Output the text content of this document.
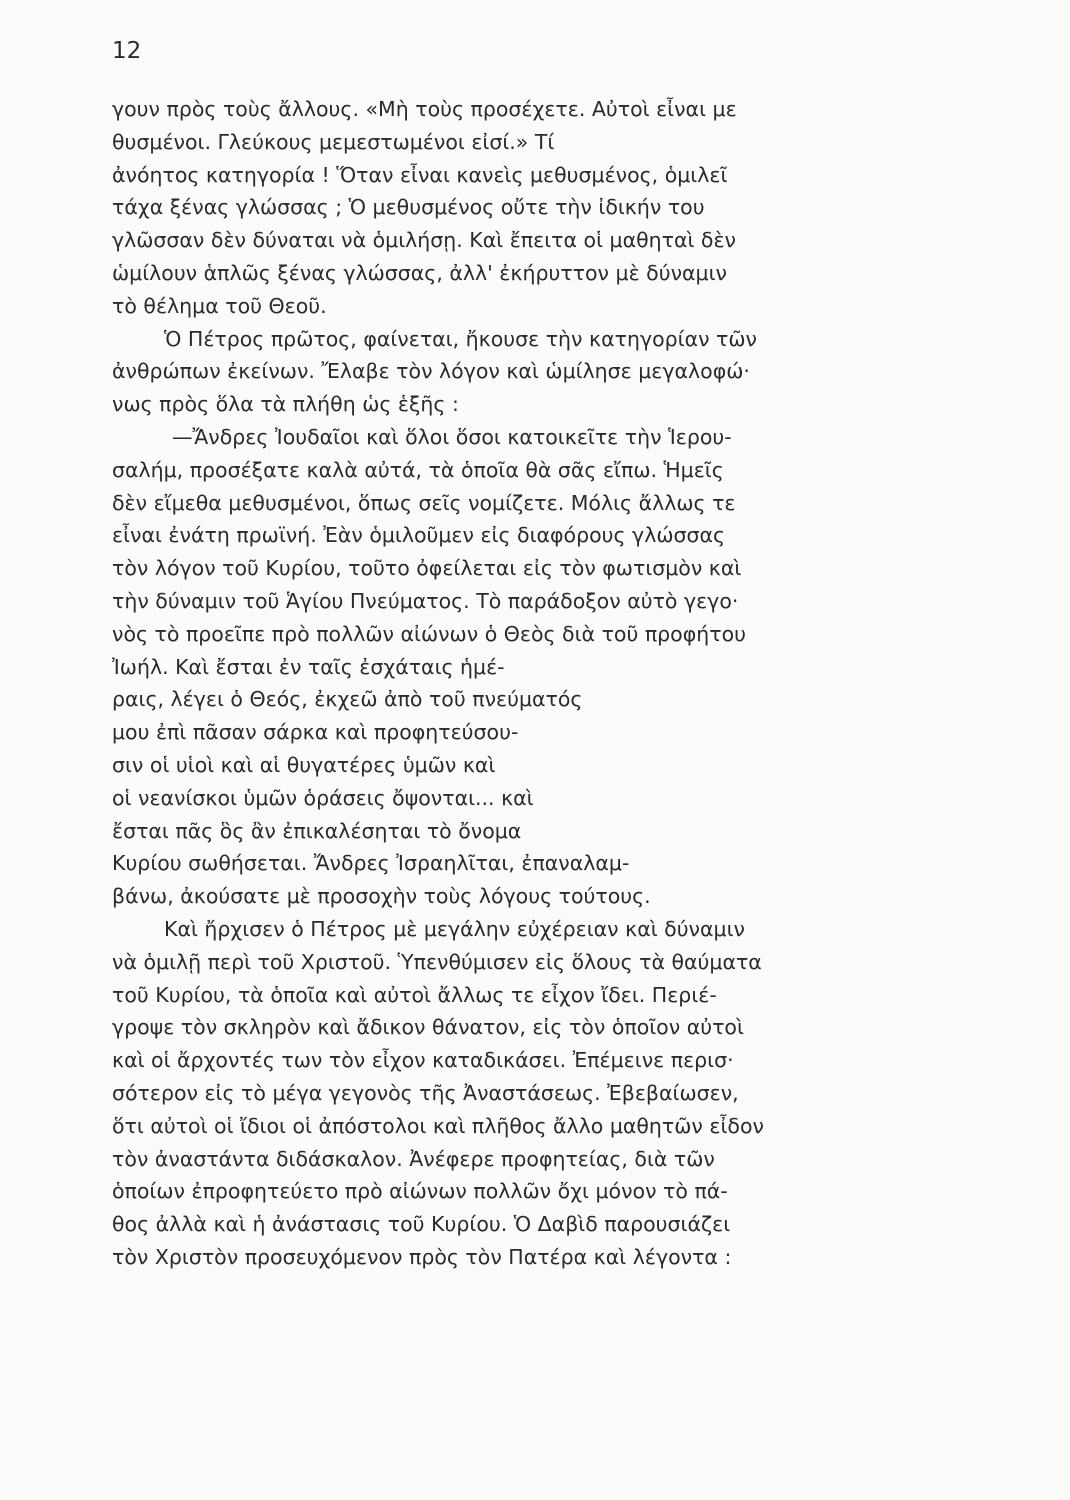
12
γουν πρὸς τοὺς ἄλλους. «Μὴ τοὺς προσέχετε. Αὐτοὶ εἶναι με
θυσμένοι. Γλεύκους μεμεστωμένοι εἰσί.» Τί
ἀνόητος κατηγορία ! Ὅταν εἶναι κανεὶς μεθυσμένος, ὁμιλεῖ
τάχα ξένας γλώσσας ; Ὁ μεθυσμένος οὔτε τὴν ἰδικήν του
γλῶσσαν δὲν δύναται νὰ ὁμιλήσῃ. Καὶ ἔπειτα οἱ μαθηταὶ δὲν
ὡμίλουν ἁπλῶς ξένας γλώσσας, ἀλλ' ἐκήρυττον μὲ δύναμιν
τὸ θέλημα τοῦ Θεοῦ.
Ὁ Πέτρος πρῶτος, φαίνεται, ἤκουσε τὴν κατηγορίαν τῶν
ἀνθρώπων ἐκείνων. Ἔλαβε τὸν λόγον καὶ ὡμίλησε μεγαλοφώ·
νως πρὸς ὅλα τὰ πλήθη ὡς ἑξῆς :
—Ἄνδρες Ἰουδαῖοι καὶ ὅλοι ὅσοι κατοικεῖτε τὴν Ἱερου-
σαλήμ, προσέξατε καλὰ αὐτά, τὰ ὁποῖα θὰ σᾶς εἴπω. Ἡμεῖς
δὲν εἴμεθα μεθυσμένοι, ὅπως σεῖς νομίζετε. Μόλις ἄλλως τε
εἶναι ἐνάτη πρωϊνή. Ἐὰν ὁμιλοῦμεν εἰς διαφόρους γλώσσας
τὸν λόγον τοῦ Κυρίου, τοῦτο ὀφείλεται εἰς τὸν φωτισμὸν καὶ
τὴν δύναμιν τοῦ Ἁγίου Πνεύματος. Τὸ παράδοξον αὐτὸ γεγο·
νὸς τὸ προεῖπε πρὸ πολλῶν αἰώνων ὁ Θεὸς διὰ τοῦ προφήτου
Ἰωήλ. Καὶ ἔσται ἐν ταῖς ἐσχάταις ἡμέ-
ραις, λέγει ὁ Θεός, ἐκχεῶ ἀπὸ τοῦ πνεύματός
μου ἐπὶ πᾶσαν σάρκα καὶ προφητεύσου-
σιν οἱ υἱοὶ καὶ αἱ θυγατέρες ὑμῶν καὶ
οἱ νεανίσκοι ὑμῶν ὁράσεις ὄψονται... καὶ
ἔσται πᾶς ὃς ἂν ἐπικαλέσηται τὸ ὄνομα
Κυρίου σωθήσεται. Ἄνδρες Ἰσραηλῖται, ἐπαναλαμ-
βάνω, ἀκούσατε μὲ προσοχὴν τοὺς λόγους τούτους.
Καὶ ἤρχισεν ὁ Πέτρος μὲ μεγάλην εὐχέρειαν καὶ δύναμιν
νὰ ὁμιλῇ περὶ τοῦ Χριστοῦ. Ὑπενθύμισεν εἰς ὅλους τὰ θαύματα
τοῦ Κυρίου, τὰ ὁποῖα καὶ αὐτοὶ ἄλλως τε εἶχον ἴδει. Περιέ-
γροψε τὸν σκληρὸν καὶ ἄδικον θάνατον, εἰς τὸν ὁποῖον αὐτοὶ
καὶ οἱ ἄρχοντές των τὸν εἶχον καταδικάσει. Ἐπέμεινε περισ·
σότερον εἰς τὸ μέγα γεγονὸς τῆς Ἀναστάσεως. Ἐβεβαίωσεν,
ὅτι αὐτοὶ οἱ ἴδιοι οἱ ἀπόστολοι καὶ πλῆθος ἄλλο μαθητῶν εἶδον
τὸν ἀναστάντα διδάσκαλον. Ἀνέφερε προφητείας, διὰ τῶν
ὁποίων ἐπροφητεύετο πρὸ αἰώνων πολλῶν ὄχι μόνον τὸ πά-
θος ἀλλὰ καὶ ἡ ἀνάστασις τοῦ Κυρίου. Ὁ Δαβὶδ παρουσιάζει
τὸν Χριστὸν προσευχόμενον πρὸς τὸν Πατέρα καὶ λέγοντα :
